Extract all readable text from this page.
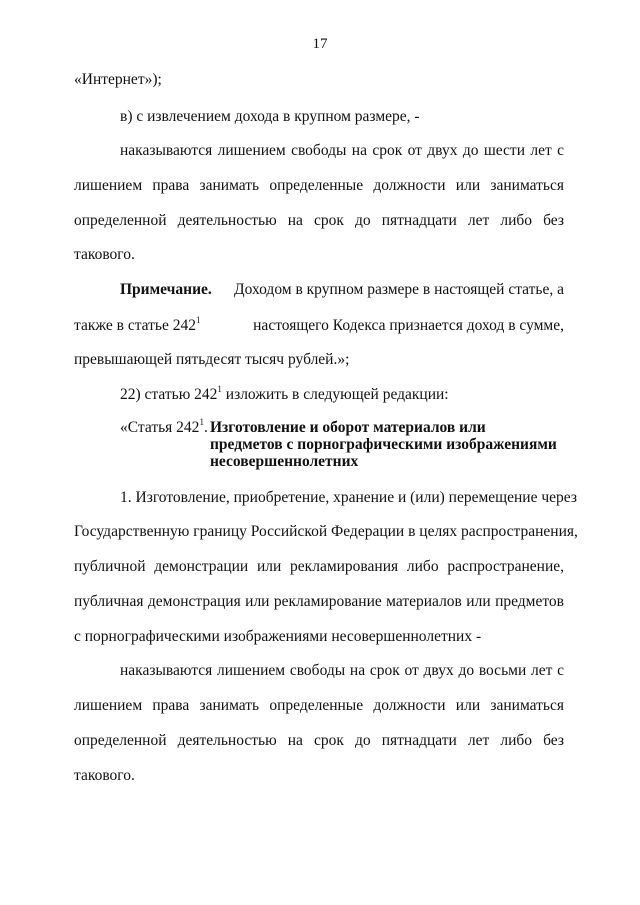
17
«Интернет»);
в) с извлечением дохода в крупном размере, -
наказываются лишением свободы на срок от двух до шести лет с
лишением права занимать определенные должности или заниматься
определенной деятельностью на срок до пятнадцати лет либо без
такового.
Примечание. Доходом в крупном размере в настоящей статье, а
также в статье $242^1$	настоящего Кодекса признается доход в сумме,
превышающей пятьдесят тысяч рублей.»;
22) статью $242^1$ изложить в следующей редакции:
«Статья $242^1$. Изготовление и оборот материалов или
предметов с порнографическими изображениями
несовершеннолетних
1. Изготовление, приобретение, хранение и (или) перемещение через
Государственную границу Российской Федерации в целях распространения,
публичной демонстрации или рекламирования либо распространение,
публичная демонстрация или рекламирование материалов или предметов
с порнографическими изображениями несовершеннолетних -
наказываются лишением свободы на срок от двух до восьми лет с
лишением права занимать определенные должности или заниматься
определенной деятельностью на срок до пятнадцати лет либо без
такового.
